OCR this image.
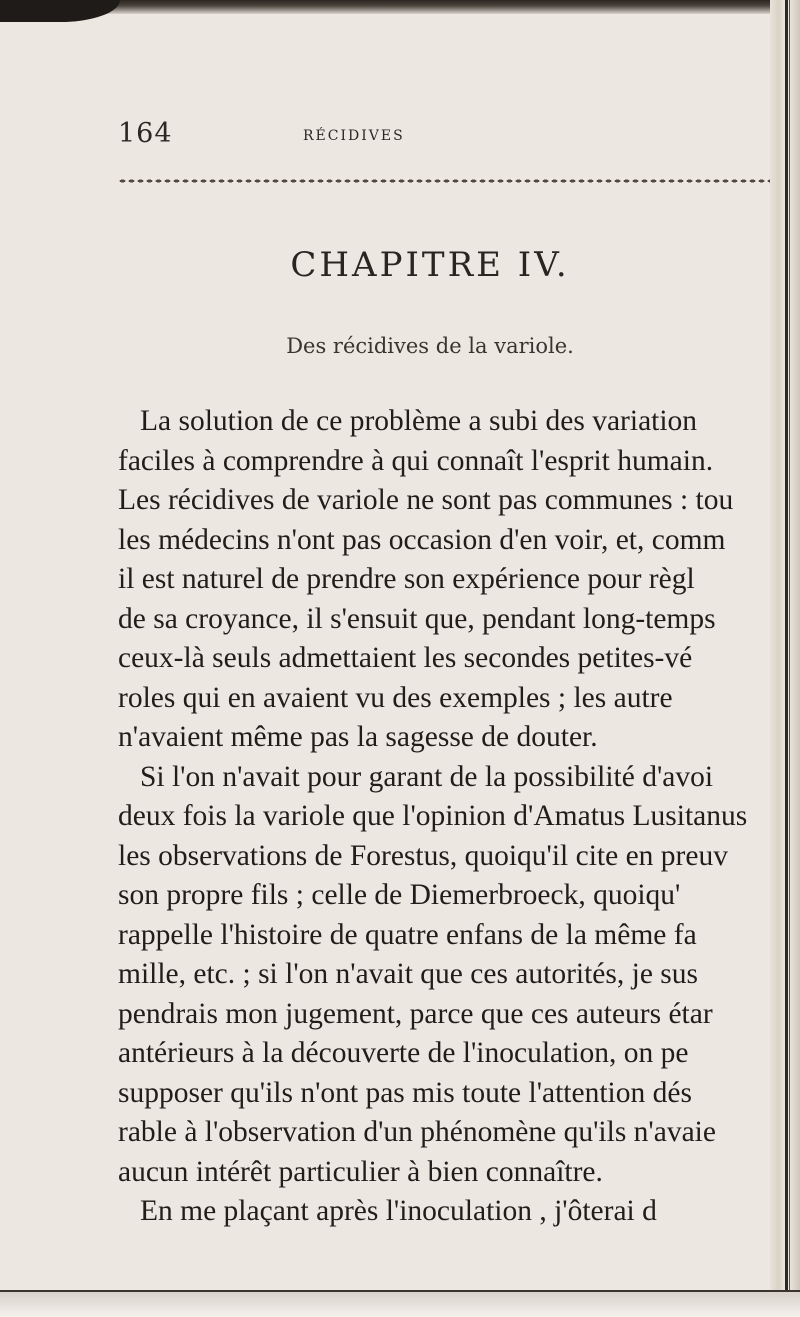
164	RÉCIDIVES
CHAPITRE IV.
Des récidives de la variole.
La solution de ce problème a subi des variation
faciles à comprendre à qui connaît l'esprit humain.
Les récidives de variole ne sont pas communes : tou
les médecins n'ont pas occasion d'en voir, et, comm
il est naturel de prendre son expérience pour règl
de sa croyance, il s'ensuit que, pendant long-temps
ceux-là seuls admettaient les secondes petites-vé
roles qui en avaient vu des exemples ; les autre
n'avaient même pas la sagesse de douter.
Si l'on n'avait pour garant de la possibilité d'avoi
deux fois la variole que l'opinion d'Amatus Lusitanus
les observations de Forestus, quoiqu'il cite en preuv
son propre fils ; celle de Diemerbroeck, quoiqu'
rappelle l'histoire de quatre enfans de la même fa
mille, etc. ; si l'on n'avait que ces autorités, je sus
pendrais mon jugement, parce que ces auteurs étar
antérieurs à la découverte de l'inoculation, on pe
supposer qu'ils n'ont pas mis toute l'attention dés
rable à l'observation d'un phénomène qu'ils n'avaie
aucun intérêt particulier à bien connaître.
En me plaçant après l'inoculation , j'ôterai d
